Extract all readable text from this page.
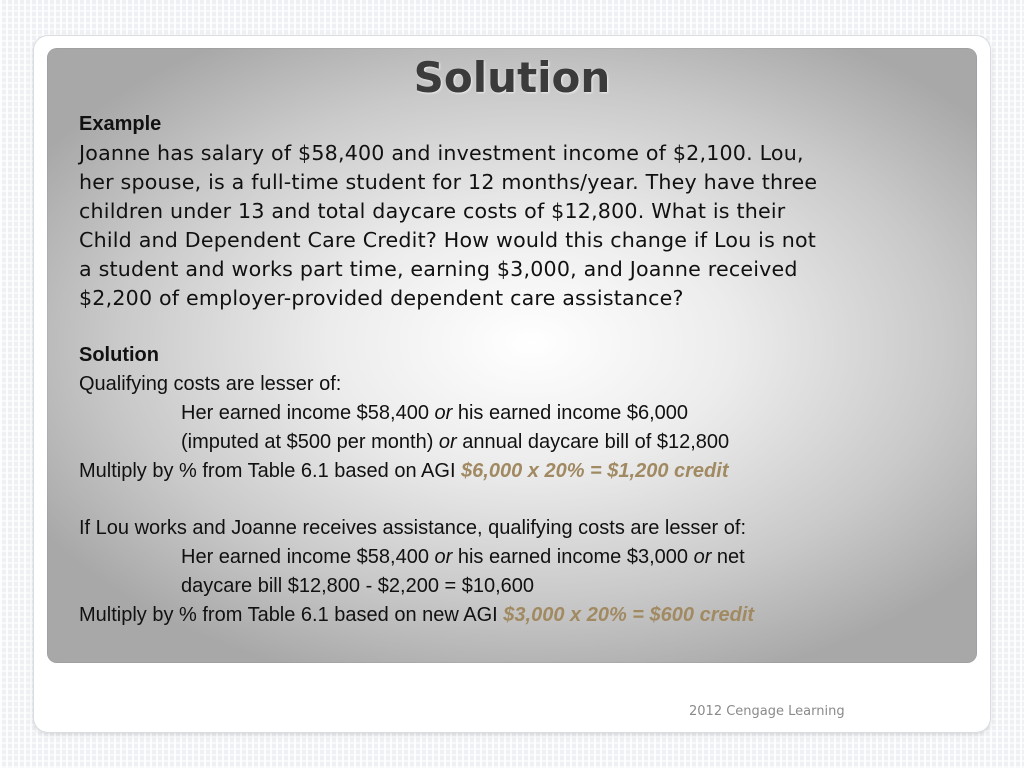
Solution

Example

Joanne has salary of $58,400 and investment income of $2,100. Lou,

her spouse, is a full-time student for 12 months/year. They have three

children under 13 and total daycare costs of $12,800. What is their

Child and Dependent Care Credit? How would this change if Lou is not

a student and works part time, earning $3,000, and Joanne received

$2,200 of employer-provided dependent care assistance?

Solution

Qualifying costs are lesser of:

Her earned income $58,400 or his earned income $6,000

(imputed at $500 per month) or annual daycare bill of $12,800

Multiply by % from Table 6.1 based on AGI $6,000 x 20% = $1,200 credit

If Lou works and Joanne receives assistance, qualifying costs are lesser of:

Her earned income $58,400 or his earned income $3,000 or net

daycare bill $12,800 - $2,200 = $10,600

Multiply by % from Table 6.1 based on new AGI $3,000 x 20% = $600 credit

2012 Cengage Learning
